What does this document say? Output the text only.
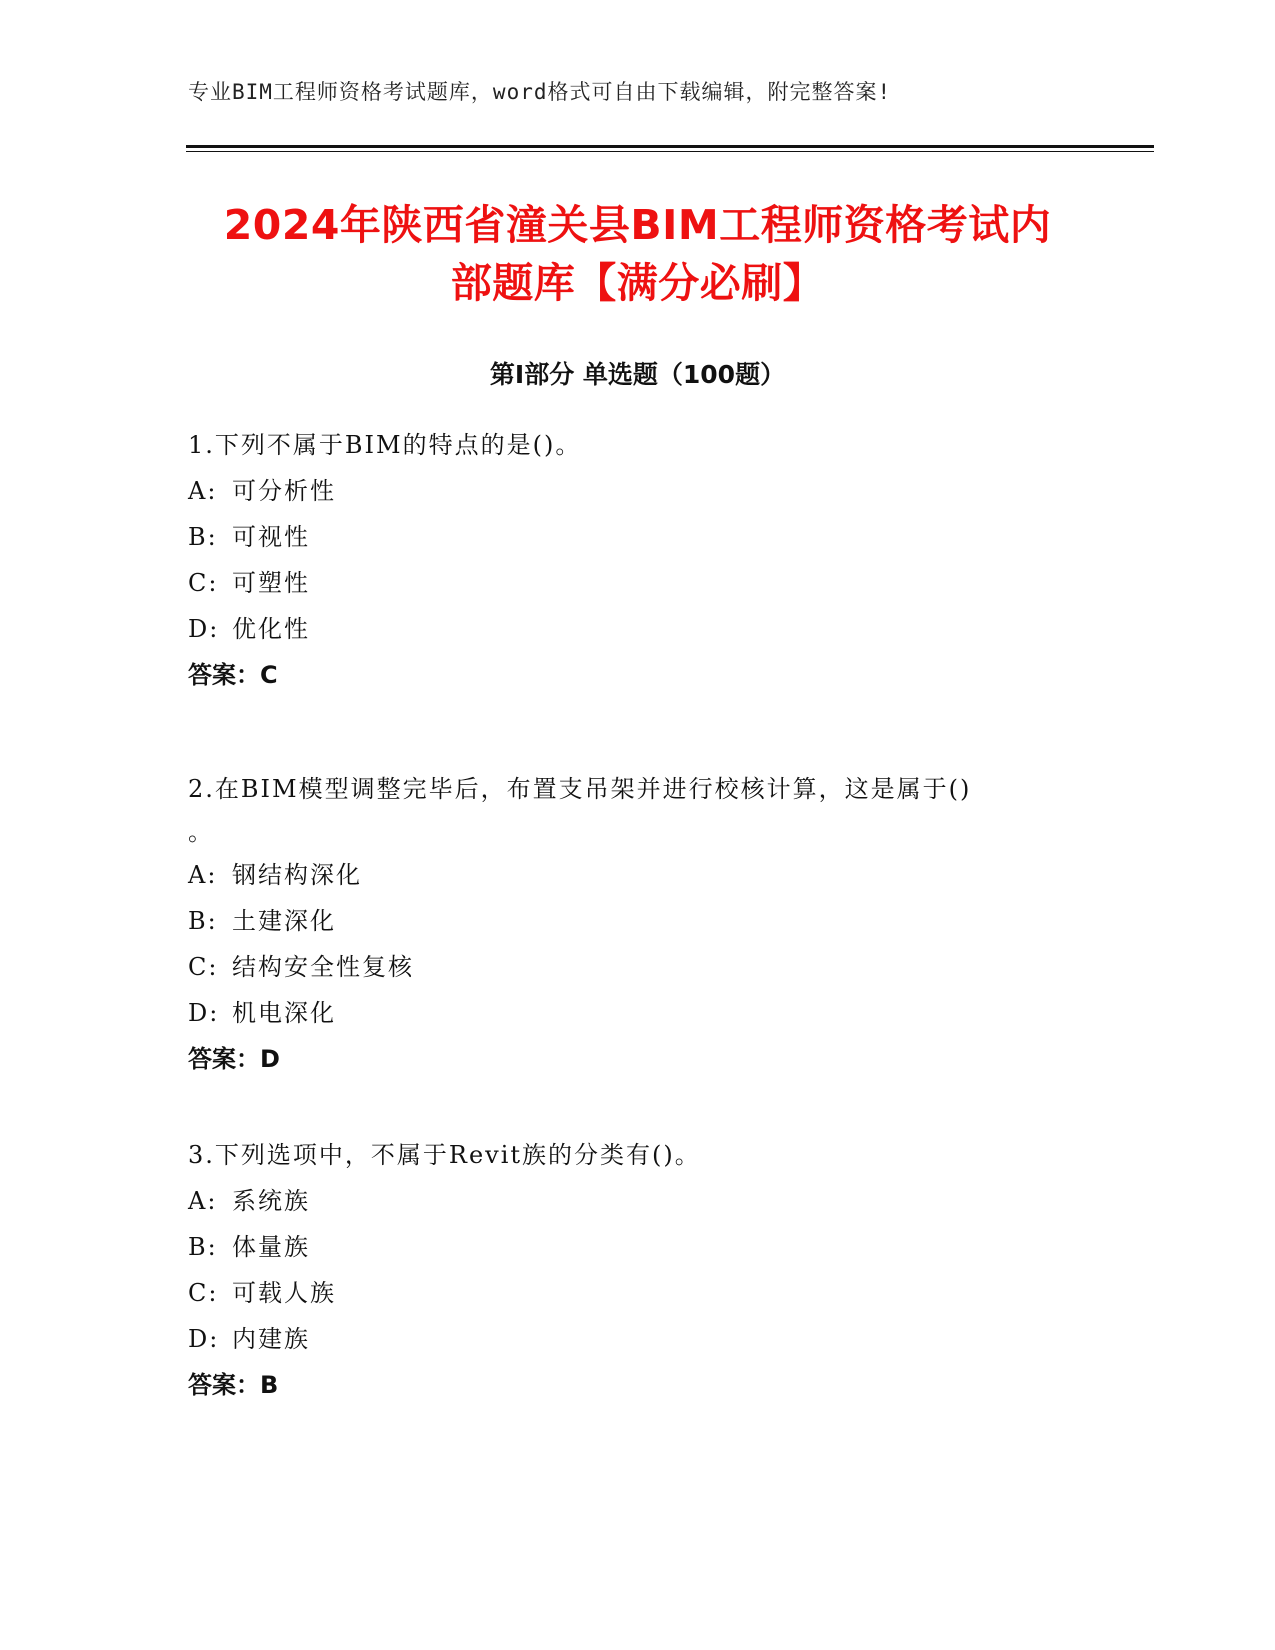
专业BIM工程师资格考试题库，word格式可自由下载编辑，附完整答案!
2024年陕西省潼关县BIM工程师资格考试内
部题库【满分必刷】
第I部分 单选题（100题）
1.下列不属于BIM的特点的是()。
A: 可分析性
B: 可视性
C: 可塑性
D: 优化性
答案：C
2.在BIM模型调整完毕后，布置支吊架并进行校核计算，这是属于()
。
A: 钢结构深化
B: 土建深化
C: 结构安全性复核
D: 机电深化
答案：D
3.下列选项中，不属于Revit族的分类有()。
A: 系统族
B: 体量族
C: 可载人族
D: 内建族
答案：B
